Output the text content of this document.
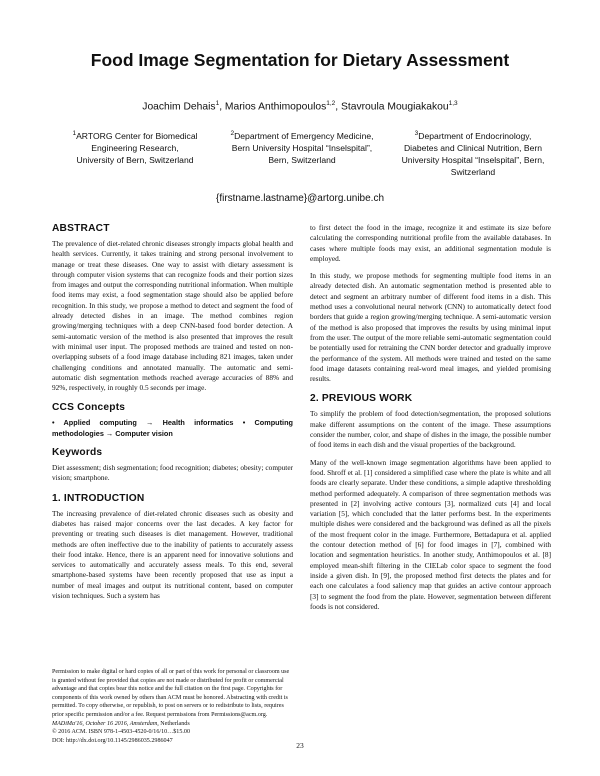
Food Image Segmentation for Dietary Assessment
Joachim Dehais$^1$, Marios Anthimopoulos$^{1,2}$, Stavroula Mougiakakou$^{1,3}$
$^1$ARTORG Center for Biomedical
Engineering Research,
University of Bern, Switzerland
$^2$Department of Emergency Medicine,
Bern University Hospital “Inselspital”,
Bern, Switzerland
$^3$Department of Endocrinology,
Diabetes and Clinical Nutrition, Bern
University Hospital “Inselspital”, Bern,
Switzerland
{firstname.lastname}@artorg.unibe.ch
ABSTRACT

The prevalence of diet-related chronic diseases strongly impacts global health and health services. Currently, it takes training and strong personal involvement to manage or treat these diseases. One way to assist with dietary assessment is through computer vision systems that can recognize foods and their portion sizes from images and output the corresponding nutritional information. When multiple food items may exist, a food segmentation stage should also be applied before recognition. In this study, we propose a method to detect and segment the food of already detected dishes in an image. The method combines region growing/merging techniques with a deep CNN-based food border detection. A semi-automatic version of the method is also presented that improves the result with minimal user input. The proposed methods are trained and tested on non-overlapping subsets of a food image database including 821 images, taken under challenging conditions and annotated manually. The automatic and semi-automatic dish segmentation methods reached average accuracies of 88% and 92%, respectively, in roughly 0.5 seconds per image.

CCS Concepts
• Applied computing → Health informatics • Computing methodologies → Computer vision
Keywords

Diet assessment; dish segmentation; food recognition; diabetes; obesity; computer vision; smartphone.

1. INTRODUCTION

The increasing prevalence of diet-related chronic diseases such as obesity and diabetes has raised major concerns over the last decades. A key factor for preventing or treating such diseases is diet management. However, traditional methods are often ineffective due to the inability of patients to accurately assess their food intake. Hence, there is an apparent need for innovative solutions and services to automatically and accurately assess meals. To this end, several smartphone-based systems have been recently proposed that use as input a number of meal images and output its nutritional content, based on computer vision techniques. Such a system has

Permission to make digital or hard copies of all or part of this work for personal or classroom use is granted without fee provided that copies are not made or distributed for profit or commercial advantage and that copies bear this notice and the full citation on the first page. Copyrights for components of this work owned by others than ACM must be honored. Abstracting with credit is permitted. To copy otherwise, or republish, to post on servers or to redistribute to lists, requires prior specific permission and/or a fee. Request permissions from Permissions@acm.org.
MADiMa'16, October 16 2016, Amsterdam, Netherlands
© 2016 ACM. ISBN 978-1-4503-4520-0/16/10…$15.00
DOI: http://dx.doi.org/10.1145/2986035.2986047

to first detect the food in the image, recognize it and estimate its size before calculating the corresponding nutritional profile from the available databases. In cases where multiple foods may exist, an additional segmentation module is employed.

In this study, we propose methods for segmenting multiple food items in an already detected dish. An automatic segmentation method is presented able to detect and segment an arbitrary number of different food items in a dish. This method uses a convolutional neural network (CNN) to automatically detect food borders that guide a region growing/merging technique. A semi-automatic version of the method is also proposed that improves the results by using minimal input from the user. The output of the more reliable semi-automatic segmentation could be potentially used for retraining the CNN border detector and gradually improve the performance of the system. All methods were trained and tested on the same food image datasets containing real-word meal images, and yielded promising results.

2. PREVIOUS WORK

To simplify the problem of food detection/segmentation, the proposed solutions make different assumptions on the content of the image. These assumptions consider the number, color, and shape of dishes in the image, the possible number of food items in each dish and the visual properties of the background.

Many of the well-known image segmentation algorithms have been applied to food. Shroff et al. [1] considered a simplified case where the plate is white and all foods are clearly separate. Under these conditions, a simple adaptive thresholding method performed adequately. A comparison of three segmentation methods was presented in [2] involving active contours [3], normalized cuts [4] and local variation [5], which concluded that the latter performs best. In the experiments multiple dishes were considered and the background was defined as all the pixels of the most frequent color in the image. Furthermore, Bettadapura et al. applied the contour detection method of [6] for food images in [7], combined with location and segmentation heuristics. In another study, Anthimopoulos et al. [8] employed mean-shift filtering in the CIELab color space to segment the food inside a given dish. In [9], the proposed method first detects the plates and for each one calculates a food saliency map that guides an active contour approach [3] to segment the food from the plate. However, segmentation between different foods is not considered.

23
